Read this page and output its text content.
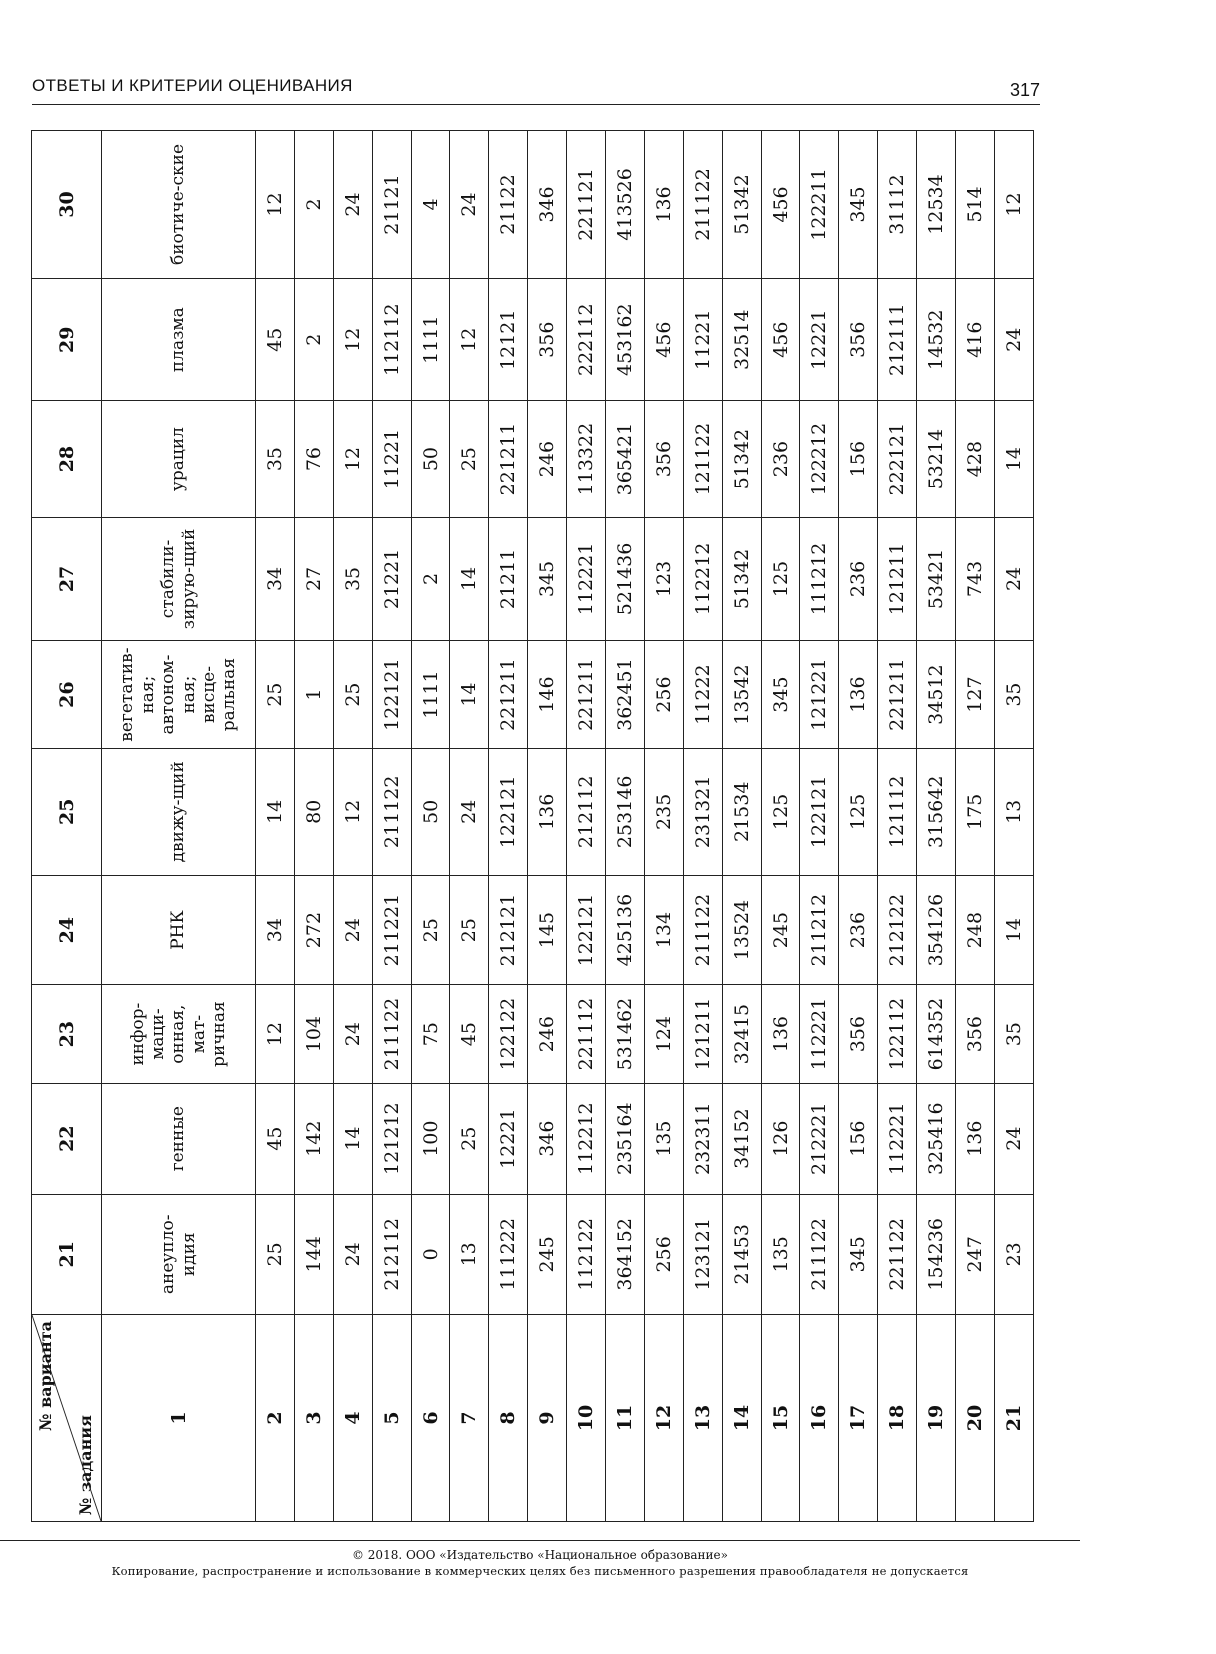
ОТВЕТЫ И КРИТЕРИИ ОЦЕНИВАНИЯ	317
№ варианта
№ задания	21	22	23	24	25	26	27	28	29	30
1	анеупло-идия	генные	инфор-маци-онная, мат-ричная	РНК	движу-щий	вегетатив-ная; автоном-ная; висце-ральная	стабили-зирую-щий	урацил	плазма	биотиче-ские
2	25	45	12	34	14	25	34	35	45	12
3	144	142	104	272	80	1	27	76	2	2
4	24	14	24	24	12	25	35	12	12	24
5	212112	121212	211122	211221	211122	122121	21221	11221	112112	21121
6	0	100	75	25	50	1111	2	50	1111	4
7	13	25	45	25	24	14	14	25	12	24
8	111222	12221	122122	212121	122121	221211	21211	221211	12121	21122
9	245	346	246	145	136	146	345	246	356	346
10	112122	112212	221112	122121	212112	221211	112221	113322	222112	221121
11	364152	235164	531462	425136	253146	362451	521436	365421	453162	413526
12	256	135	124	134	235	256	123	356	456	136
13	123121	232311	121211	211122	231321	11222	112212	121122	11221	211122
14	21453	34152	32415	13524	21534	13542	51342	51342	32514	51342
15	135	126	136	245	125	345	125	236	456	456
16	211122	212221	112221	211212	122121	121221	111212	122212	12221	122211
17	345	156	356	236	125	136	236	156	356	345
18	221122	112221	122112	212122	121112	221211	121211	222121	212111	31112
19	154236	325416	614352	354126	315642	34512	53421	53214	14532	12534
20	247	136	356	248	175	127	743	428	416	514
21	23	24	35	14	13	35	24	14	24	12
© 2018. ООО «Издательство «Национальное образование»
Копирование, распространение и использование в коммерческих целях без письменного разрешения правообладателя не допускается
